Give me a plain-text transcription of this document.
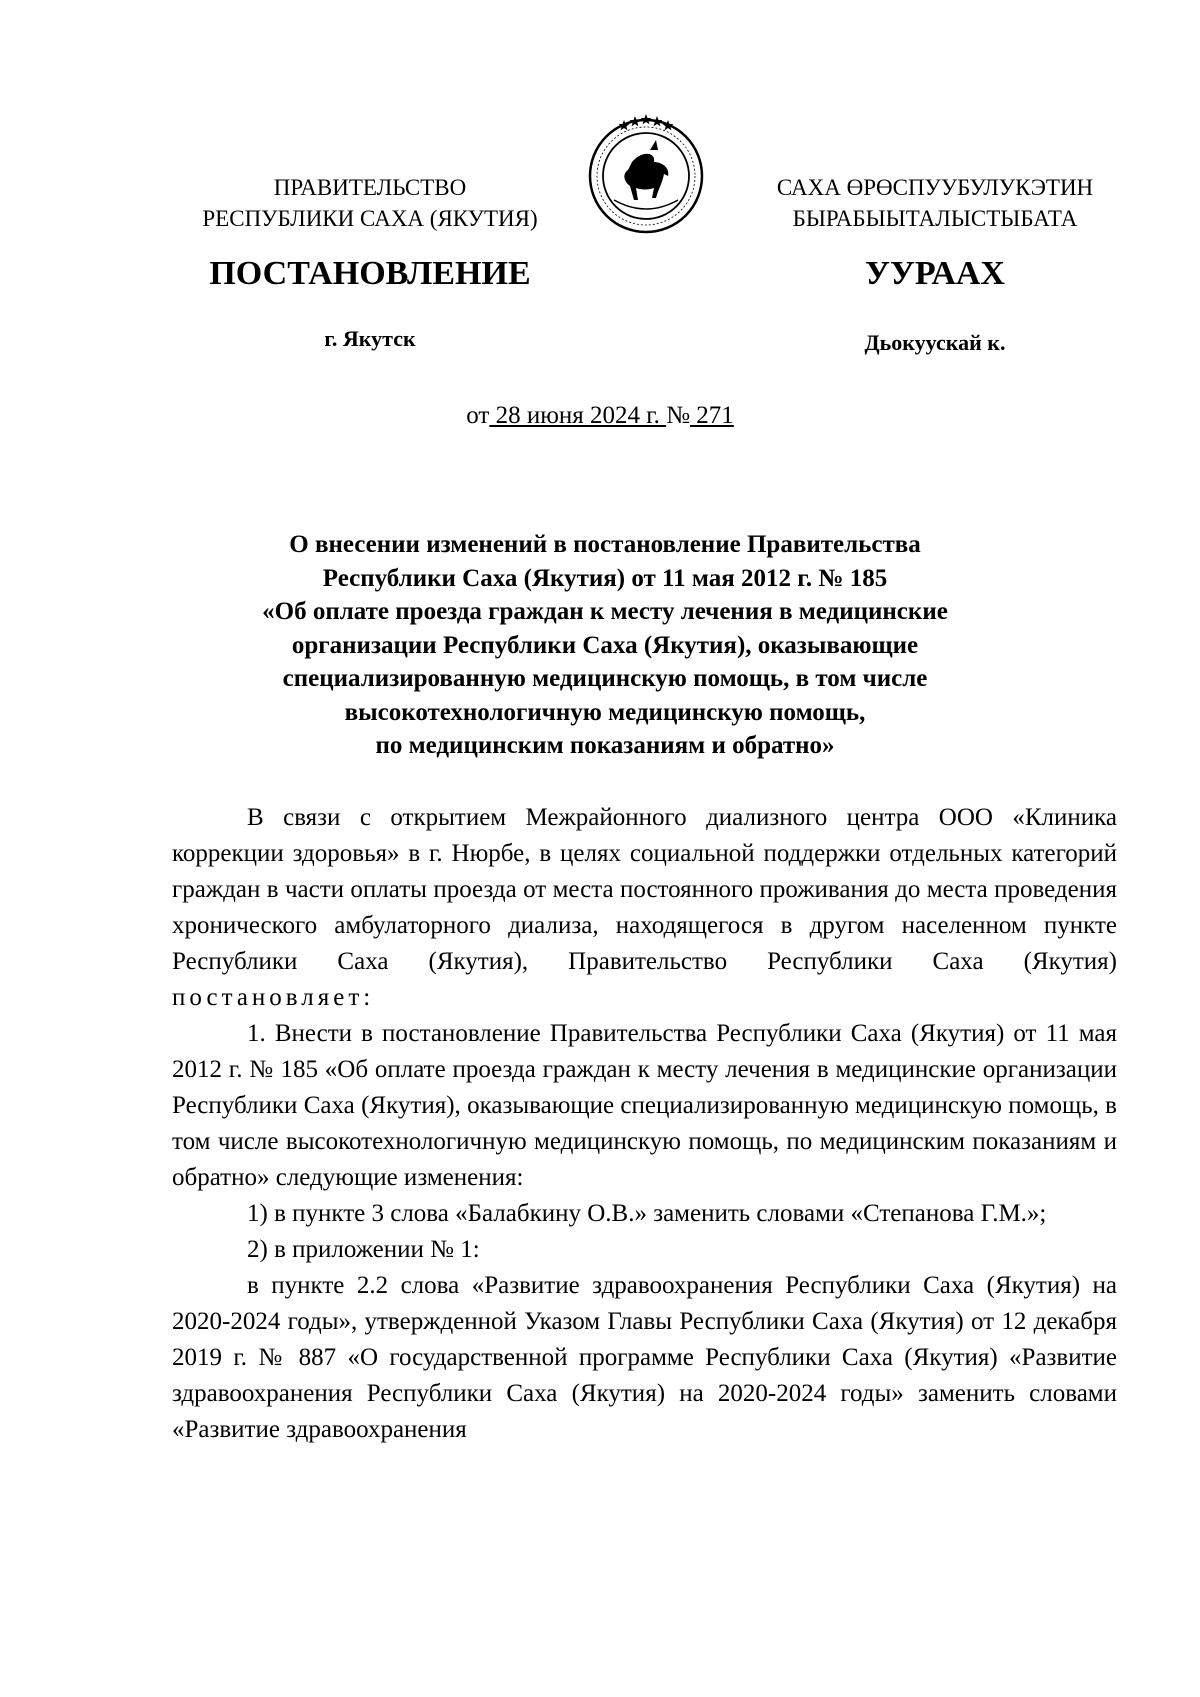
ПРАВИТЕЛЬСТВО
РЕСПУБЛИКИ САХА (ЯКУТИЯ)
САХА ӨРӨСПУУБУЛУКЭТИН
БЫРАБЫЫТАЛЫСТЫБАТА
ПОСТАНОВЛЕНИЕ	УУРААХ
г. Якутск	Дьокуускай к.
от 28 июня 2024 г. № 271
О внесении изменений в постановление Правительства
Республики Саха (Якутия) от 11 мая 2012 г. № 185
«Об оплате проезда граждан к месту лечения в медицинские
организации Республики Саха (Якутия), оказывающие
специализированную медицинскую помощь, в том числе
высокотехнологичную медицинскую помощь,
по медицинским показаниям и обратно»

В связи с открытием Межрайонного диализного центра ООО «Клиника коррекции здоровья» в г. Нюрбе, в целях социальной поддержки отдельных категорий граждан в части оплаты проезда от места постоянного проживания до места проведения хронического амбулаторного диализа, находящегося в другом населенном пункте Республики Саха (Якутия), Правительство Республики Саха (Якутия) постановляет:

1. Внести в постановление Правительства Республики Саха (Якутия) от 11 мая 2012 г. № 185 «Об оплате проезда граждан к месту лечения в медицинские организации Республики Саха (Якутия), оказывающие специализированную медицинскую помощь, в том числе высокотехнологичную медицинскую помощь, по медицинским показаниям и обратно» следующие изменения:

1) в пункте 3 слова «Балабкину О.В.» заменить словами «Степанова Г.М.»;

2) в приложении № 1:

в пункте 2.2 слова «Развитие здравоохранения Республики Саха (Якутия) на 2020-2024 годы», утвержденной Указом Главы Республики Саха (Якутия) от 12 декабря 2019 г. № 887 «О государственной программе Республики Саха (Якутия) «Развитие здравоохранения Республики Саха (Якутия) на 2020-2024 годы» заменить словами «Развитие здравоохранения
